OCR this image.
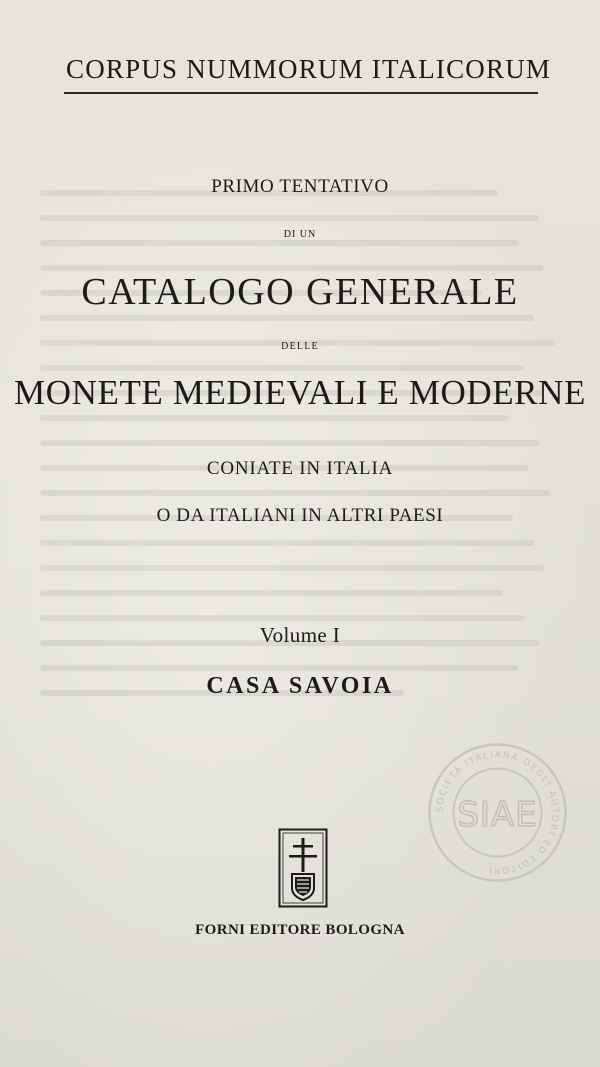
CORPUS NUMMORUM ITALICORUM
PRIMO TENTATIVO
DI UN
CATALOGO GENERALE
DELLE
MONETE MEDIEVALI E MODERNE
CONIATE IN ITALIA
O DA ITALIANI IN ALTRI PAESI
Volume I
CASA SAVOIA
FORNI EDITORE BOLOGNA
SOCIETÀ ITALIANA DEGLI AUTORI ED EDITORI ·
SIAE
